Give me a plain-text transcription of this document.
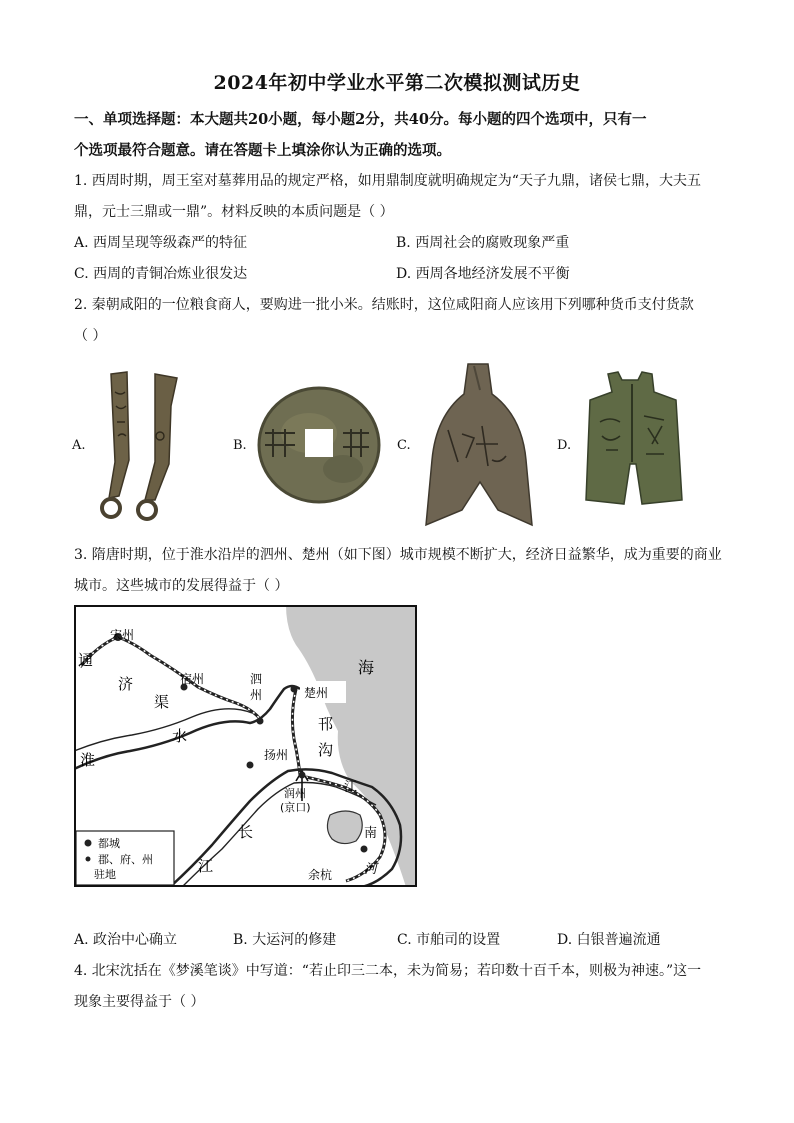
2024年初中学业水平第二次模拟测试历史
一、单项选择题：本大题共20小题，每小题2分，共40分。每小题的四个选项中，只有一
个选项最符合题意。请在答题卡上填涂你认为正确的选项。
1. 西周时期，周王室对墓葬用品的规定严格，如用鼎制度就明确规定为“天子九鼎，诸侯七鼎，大夫五
鼎，元士三鼎或一鼎”。材料反映的本质问题是（ ）
A. 西周呈现等级森严的特征	B. 西周社会的腐败现象严重
C. 西周的青铜冶炼业很发达	D. 西周各地经济发展不平衡
2. 秦朝咸阳的一位粮食商人，要购进一批小米。结账时，这位咸阳商人应该用下列哪种货币支付货款
（ ）
A.	B.	C.	D.
3. 隋唐时期，位于淮水沿岸的泗州、楚州（如下图）城市规模不断扩大，经济日益繁华，成为重要的商业
城市。这些城市的发展得益于（ ）
海
通
济
渠
淮
水
长
江
邗
沟
江
南
河
宋州
宿州	泗
州	楚州
扬州
润州
(京口)
余杭
都城
郡、府、州
驻地
A. 政治中心确立	B. 大运河的修建	C. 市舶司的设置	D. 白银普遍流通
4. 北宋沈括在《梦溪笔谈》中写道：“若止印三二本，未为简易；若印数十百千本，则极为神速。”这一
现象主要得益于（ ）
